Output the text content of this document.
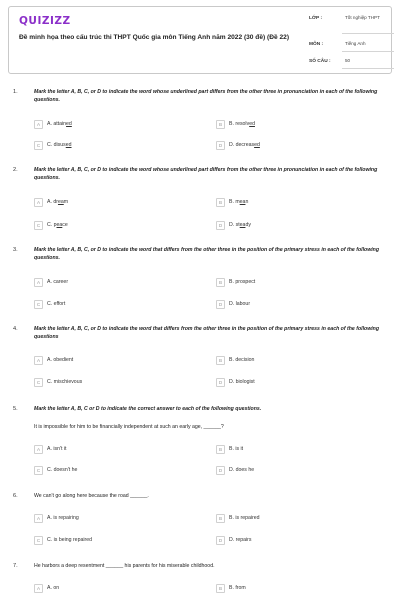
QUIZIZZ
Đề minh họa theo cấu trúc thi THPT Quốc gia môn Tiếng Anh năm 2022 (30 đề) (Đề 22)
LỚP :	Tốt nghiệp THPT
MÔN :	Tiếng Anh
SỐ CÂU :	50
1.	Mark the letter A, B, C, or D to indicate the word whose underlined part differs from the other three in pronunciation in each of the following questions.
A	A. attained	B	B. resolved
C	C. disused	D	D. decreased
2.	Mark the letter A, B, C, or D to indicate the word whose underlined part differs from the other three in pronunciation in each of the following questions.
A	A. dream	B	B. mean
C	C. peace	D	D. steady
3.	Mark the letter A, B, C, or D to indicate the word that differs from the other three in the position of the primary stress in each of the following questions.
A	A. career	B	B. prospect
C	C. effort	D	D. labour
4.	Mark the letter A, B, C, or D to indicate the word that differs from the other three in the position of the primary stress in each of the following questions
A	A. obedient	B	B. decision
C	C. mischievous	D	D. biologist
5.	Mark the letter A, B, C or D to indicate the correct answer to each of the following questions.
It is impossible for him to be financially independent at such an early age, ______?
A	A. isn't it	B	B. is it
C	C. doesn't he	D	D. does he
6.	We can't go along here because the road ______.
A	A. is repairing	B	B. is repaired
C	C. is being repaired	D	D. repairs
7.	He harbors a deep resentment ______ his parents for his miserable childhood.
A	A. on	B	B. from
